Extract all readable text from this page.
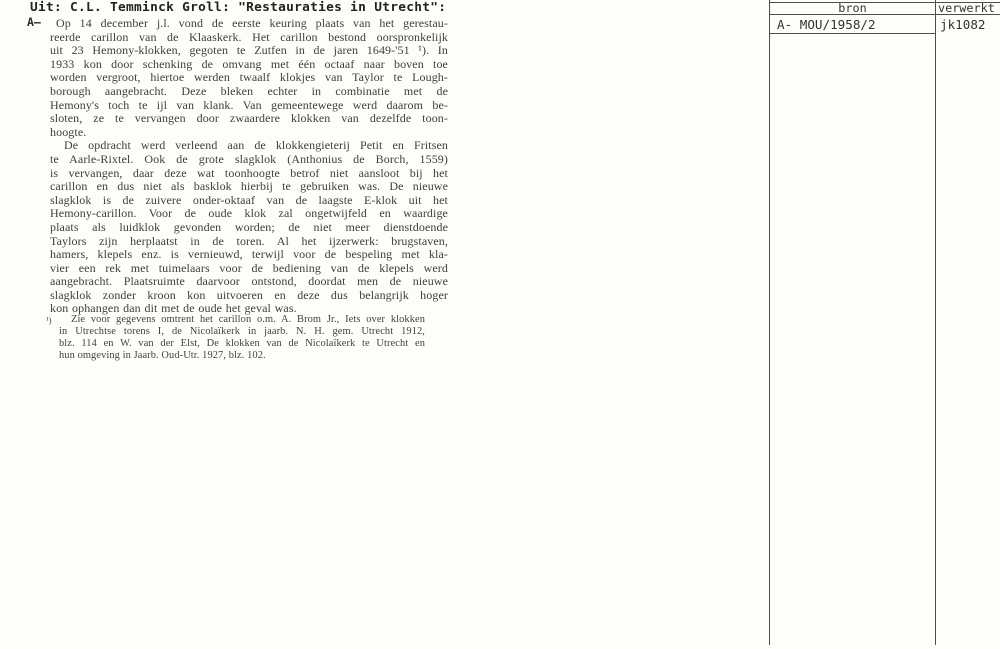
Uit: C.L. Temminck Groll: "Restauraties in Utrecht":
A–	Op 14 december j.l. vond de eerste keuring plaats van het gerestau-
reerde carillon van de Klaaskerk. Het carillon bestond oorspronkelijk
uit 23 Hemony-klokken, gegoten te Zutfen in de jaren 1649-'51 ¹). In
1933 kon door schenking de omvang met één octaaf naar boven toe
worden vergroot, hiertoe werden twaalf klokjes van Taylor te Lough-
borough aangebracht. Deze bleken echter in combinatie met de
Hemony's toch te ijl van klank. Van gemeentewege werd daarom be-
sloten, ze te vervangen door zwaardere klokken van dezelfde toon-
hoogte.
De opdracht werd verleend aan de klokkengieterij Petit en Fritsen
te Aarle-Rixtel. Ook de grote slagklok (Anthonius de Borch, 1559)
is vervangen, daar deze wat toonhoogte betrof niet aansloot bij het
carillon en dus niet als basklok hierbij te gebruiken was. De nieuwe
slagklok is de zuivere onder-oktaaf van de laagste E-klok uit het
Hemony-carillon. Voor de oude klok zal ongetwijfeld en waardige
plaats als luidklok gevonden worden; de niet meer dienstdoende
Taylors zijn herplaatst in de toren. Al het ijzerwerk: brugstaven,
hamers, klepels enz. is vernieuwd, terwijl voor de bespeling met kla-
vier een rek met tuimelaars voor de bediening van de klepels werd
aangebracht. Plaatsruimte daarvoor ontstond, doordat men de nieuwe
slagklok zonder kroon kon uitvoeren en deze dus belangrijk hoger
kon ophangen dan dit met de oude het geval was.
¹)	Zie voor gegevens omtrent het carillon o.m. A. Brom Jr., Iets over klokken
in Utrechtse torens I, de Nicolaïkerk in jaarb. N. H. gem. Utrecht 1912,
blz. 114 en W. van der Elst, De klokken van de Nicolaïkerk te Utrecht en
hun omgeving in Jaarb. Oud-Utr. 1927, blz. 102.
bron	verwerkt
A- MOU/1958/2	jk1082
